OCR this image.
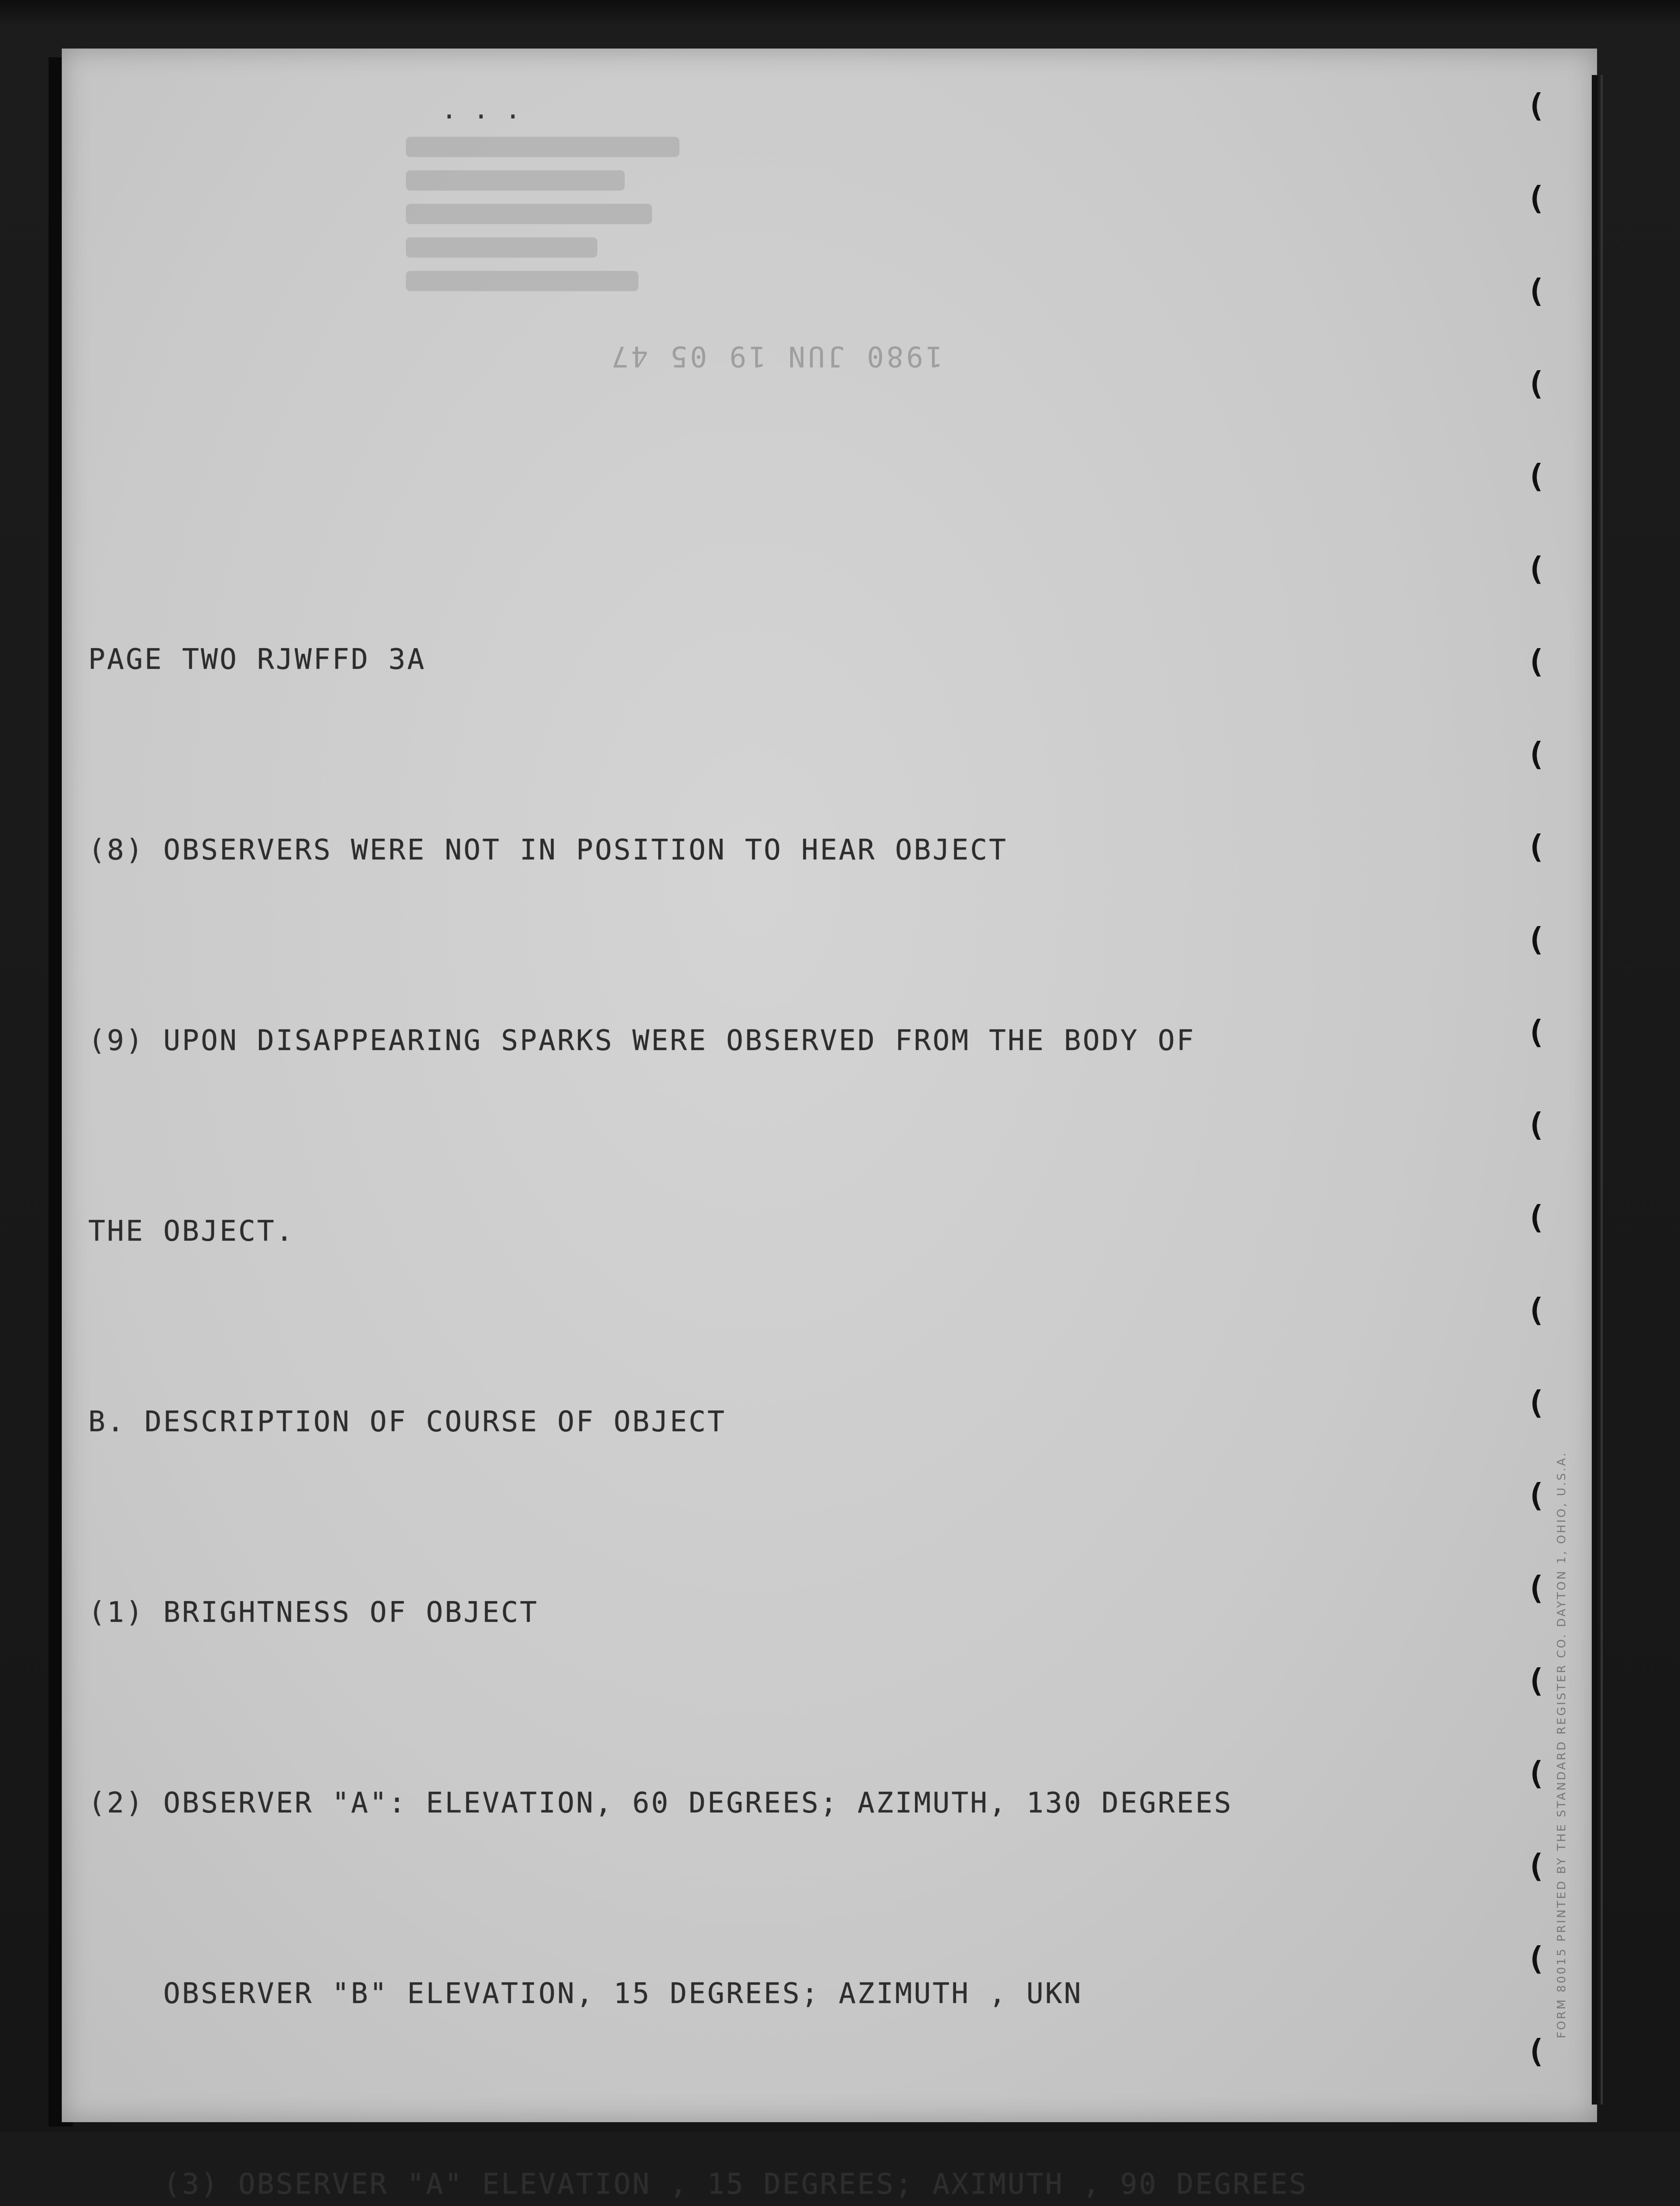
· · ·
1980 JUN 19 05 47

PAGE TWO RJWFFD 3A

(8) OBSERVERS WERE NOT IN POSITION TO HEAR OBJECT

(9) UPON DISAPPEARING SPARKS WERE OBSERVED FROM THE BODY OF

THE OBJECT.

B. DESCRIPTION OF COURSE OF OBJECT

(1) BRIGHTNESS OF OBJECT

(2) OBSERVER "A": ELEVATION, 60 DEGREES; AZIMUTH, 130 DEGREES

OBSERVER "B" ELEVATION, 15 DEGREES; AZIMUTH , UKN

(3) OBSERVER "A" ELEVATION , 15 DEGREES; AXIMUTH , 90 DEGREES

(
(
(
(
(
(
(
(
(
(
(
(
(
(
(
(
(
(
(
(
(
(
FORM 80015 PRINTED BY THE STANDARD REGISTER CO. DAYTON 1, OHIO, U.S.A.
